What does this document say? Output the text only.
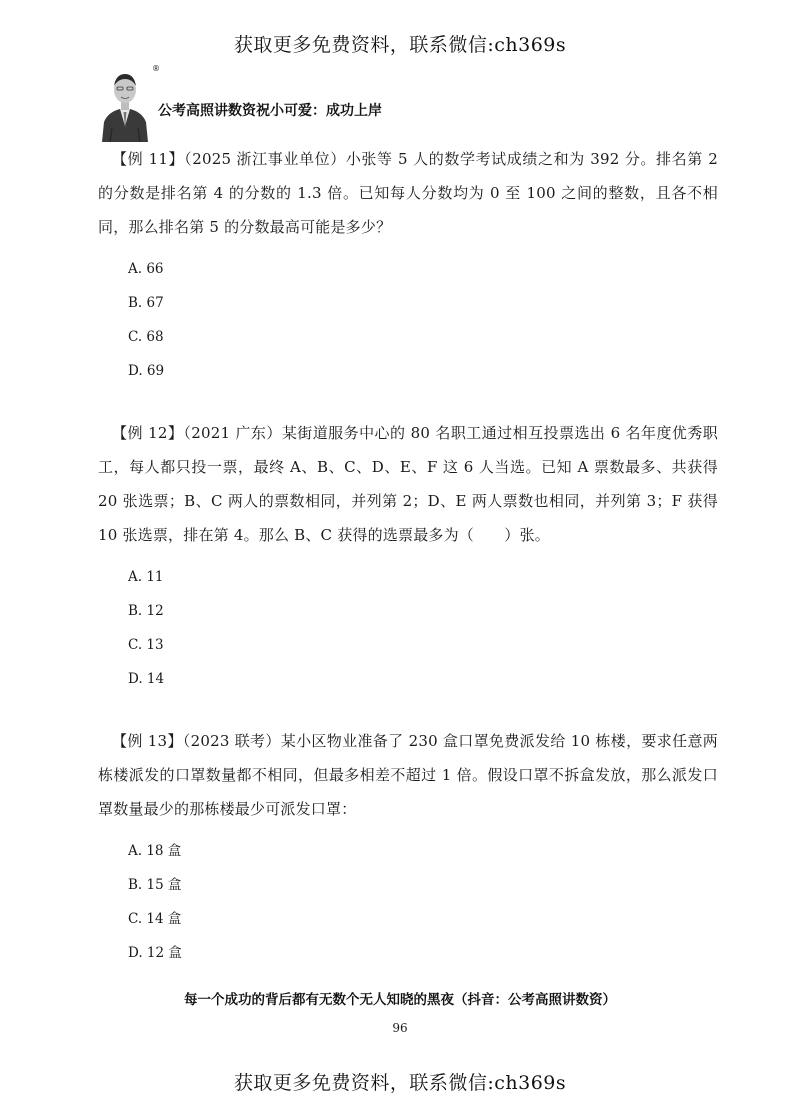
获取更多免费资料，联系微信:ch369s
®
公考高照讲数资祝小可爱：成功上岸

【例 11】（2025 浙江事业单位）小张等 5 人的数学考试成绩之和为 392 分。排名第 2 的分数是排名第 4 的分数的 1.3 倍。已知每人分数均为 0 至 100 之间的整数，且各不相同，那么排名第 5 的分数最高可能是多少？

A. 66
B. 67
C. 68
D. 69

【例 12】（2021 广东）某街道服务中心的 80 名职工通过相互投票选出 6 名年度优秀职工，每人都只投一票，最终 A、B、C、D、E、F 这 6 人当选。已知 A 票数最多、共获得 20 张选票；B、C 两人的票数相同，并列第 2；D、E 两人票数也相同，并列第 3；F 获得 10 张选票，排在第 4。那么 B、C 获得的选票最多为（　　）张。

A. 11
B. 12
C. 13
D. 14

【例 13】（2023 联考）某小区物业准备了 230 盒口罩免费派发给 10 栋楼，要求任意两栋楼派发的口罩数量都不相同，但最多相差不超过 1 倍。假设口罩不拆盒发放，那么派发口罩数量最少的那栋楼最少可派发口罩：

A. 18 盒
B. 15 盒
C. 14 盒
D. 12 盒
每一个成功的背后都有无数个无人知晓的黑夜（抖音：公考高照讲数资）
96
获取更多免费资料，联系微信:ch369s
